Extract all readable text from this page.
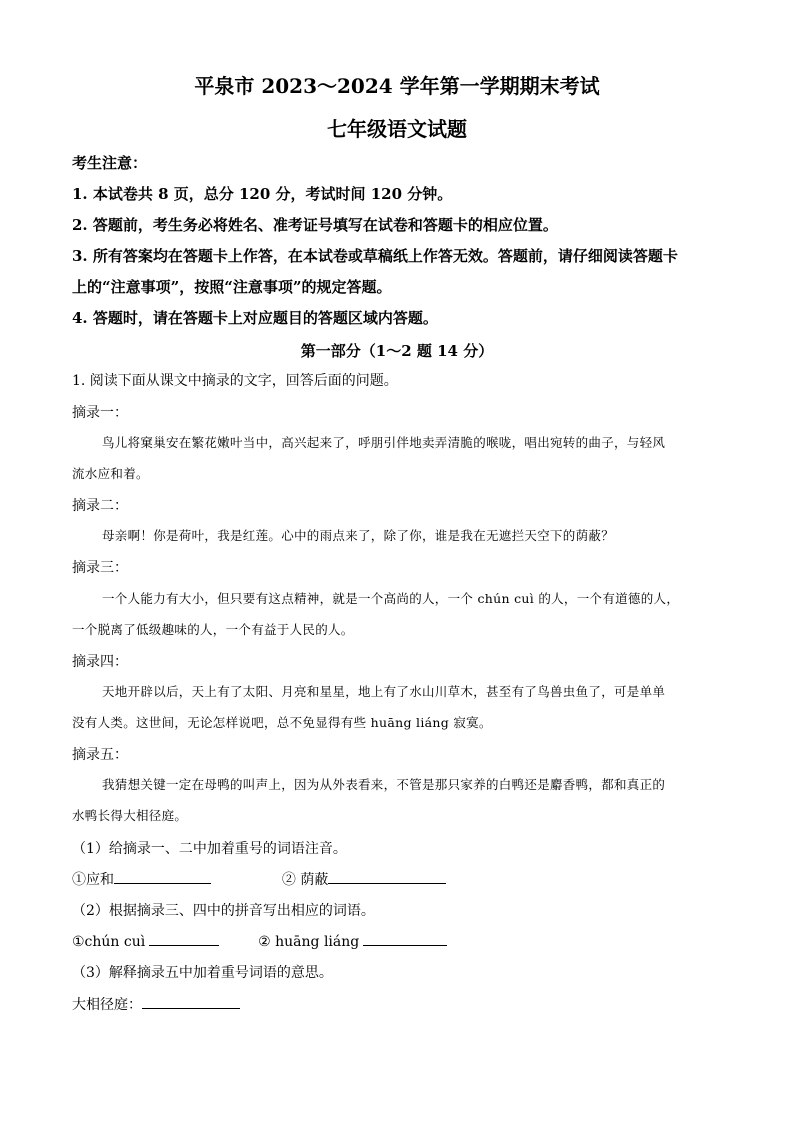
平泉市 2023～2024 学年第一学期期末考试
七年级语文试题
考生注意：
1. 本试卷共 8 页，总分 120 分，考试时间 120 分钟。
2. 答题前，考生务必将姓名、准考证号填写在试卷和答题卡的相应位置。
3. 所有答案均在答题卡上作答，在本试卷或草稿纸上作答无效。答题前，请仔细阅读答题卡
上的“注意事项”，按照“注意事项”的规定答题。
4. 答题时，请在答题卡上对应题目的答题区域内答题。
第一部分（1～2 题 14 分）
1. 阅读下面从课文中摘录的文字，回答后面的问题。
摘录一：
鸟儿将窠巢安在繁花嫩叶当中，高兴起来了，呼朋引伴地卖弄清脆的喉咙，唱出宛转的曲子，与轻风
流水应和着。
摘录二：
母亲啊！你是荷叶，我是红莲。心中的雨点来了，除了你，谁是我在无遮拦天空下的荫蔽？
摘录三：
一个人能力有大小，但只要有这点精神，就是一个高尚的人，一个 chún cuì 的人，一个有道德的人，
一个脱离了低级趣味的人，一个有益于人民的人。
摘录四：
天地开辟以后，天上有了太阳、月亮和星星，地上有了水山川草木，甚至有了鸟兽虫鱼了，可是单单
没有人类。这世间，无论怎样说吧，总不免显得有些 huāng liáng 寂寞。
摘录五：
我猜想关键一定在母鸭的叫声上，因为从外表看来，不管是那只家养的白鸭还是麝香鸭，都和真正的
水鸭长得大相径庭。
（1）给摘录一、二中加着重号的词语注音。
①应和	② 荫蔽
（2）根据摘录三、四中的拼音写出相应的词语。
①chún cuì	② huāng liáng
（3）解释摘录五中加着重号词语的意思。
大相径庭：
